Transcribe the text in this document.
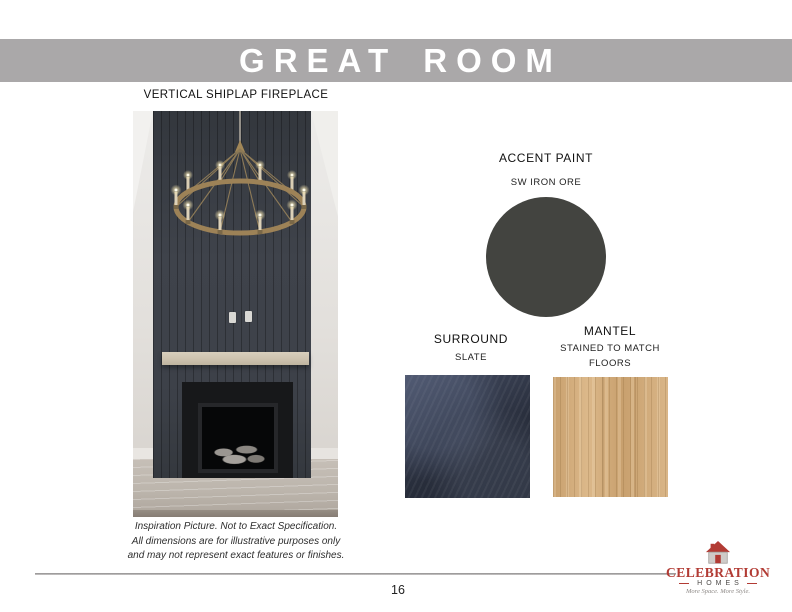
GREAT ROOM
VERTICAL SHIPLAP FIREPLACE
Inspiration Picture. Not to Exact Specification.
All dimensions are for illustrative purposes only
and may not represent exact features or finishes.
ACCENT PAINT
SW IRON ORE
SURROUND
SLATE
MANTEL
STAINED TO MATCH
FLOORS
16
CELEBRATION
HOMES
More Space. More Style.
